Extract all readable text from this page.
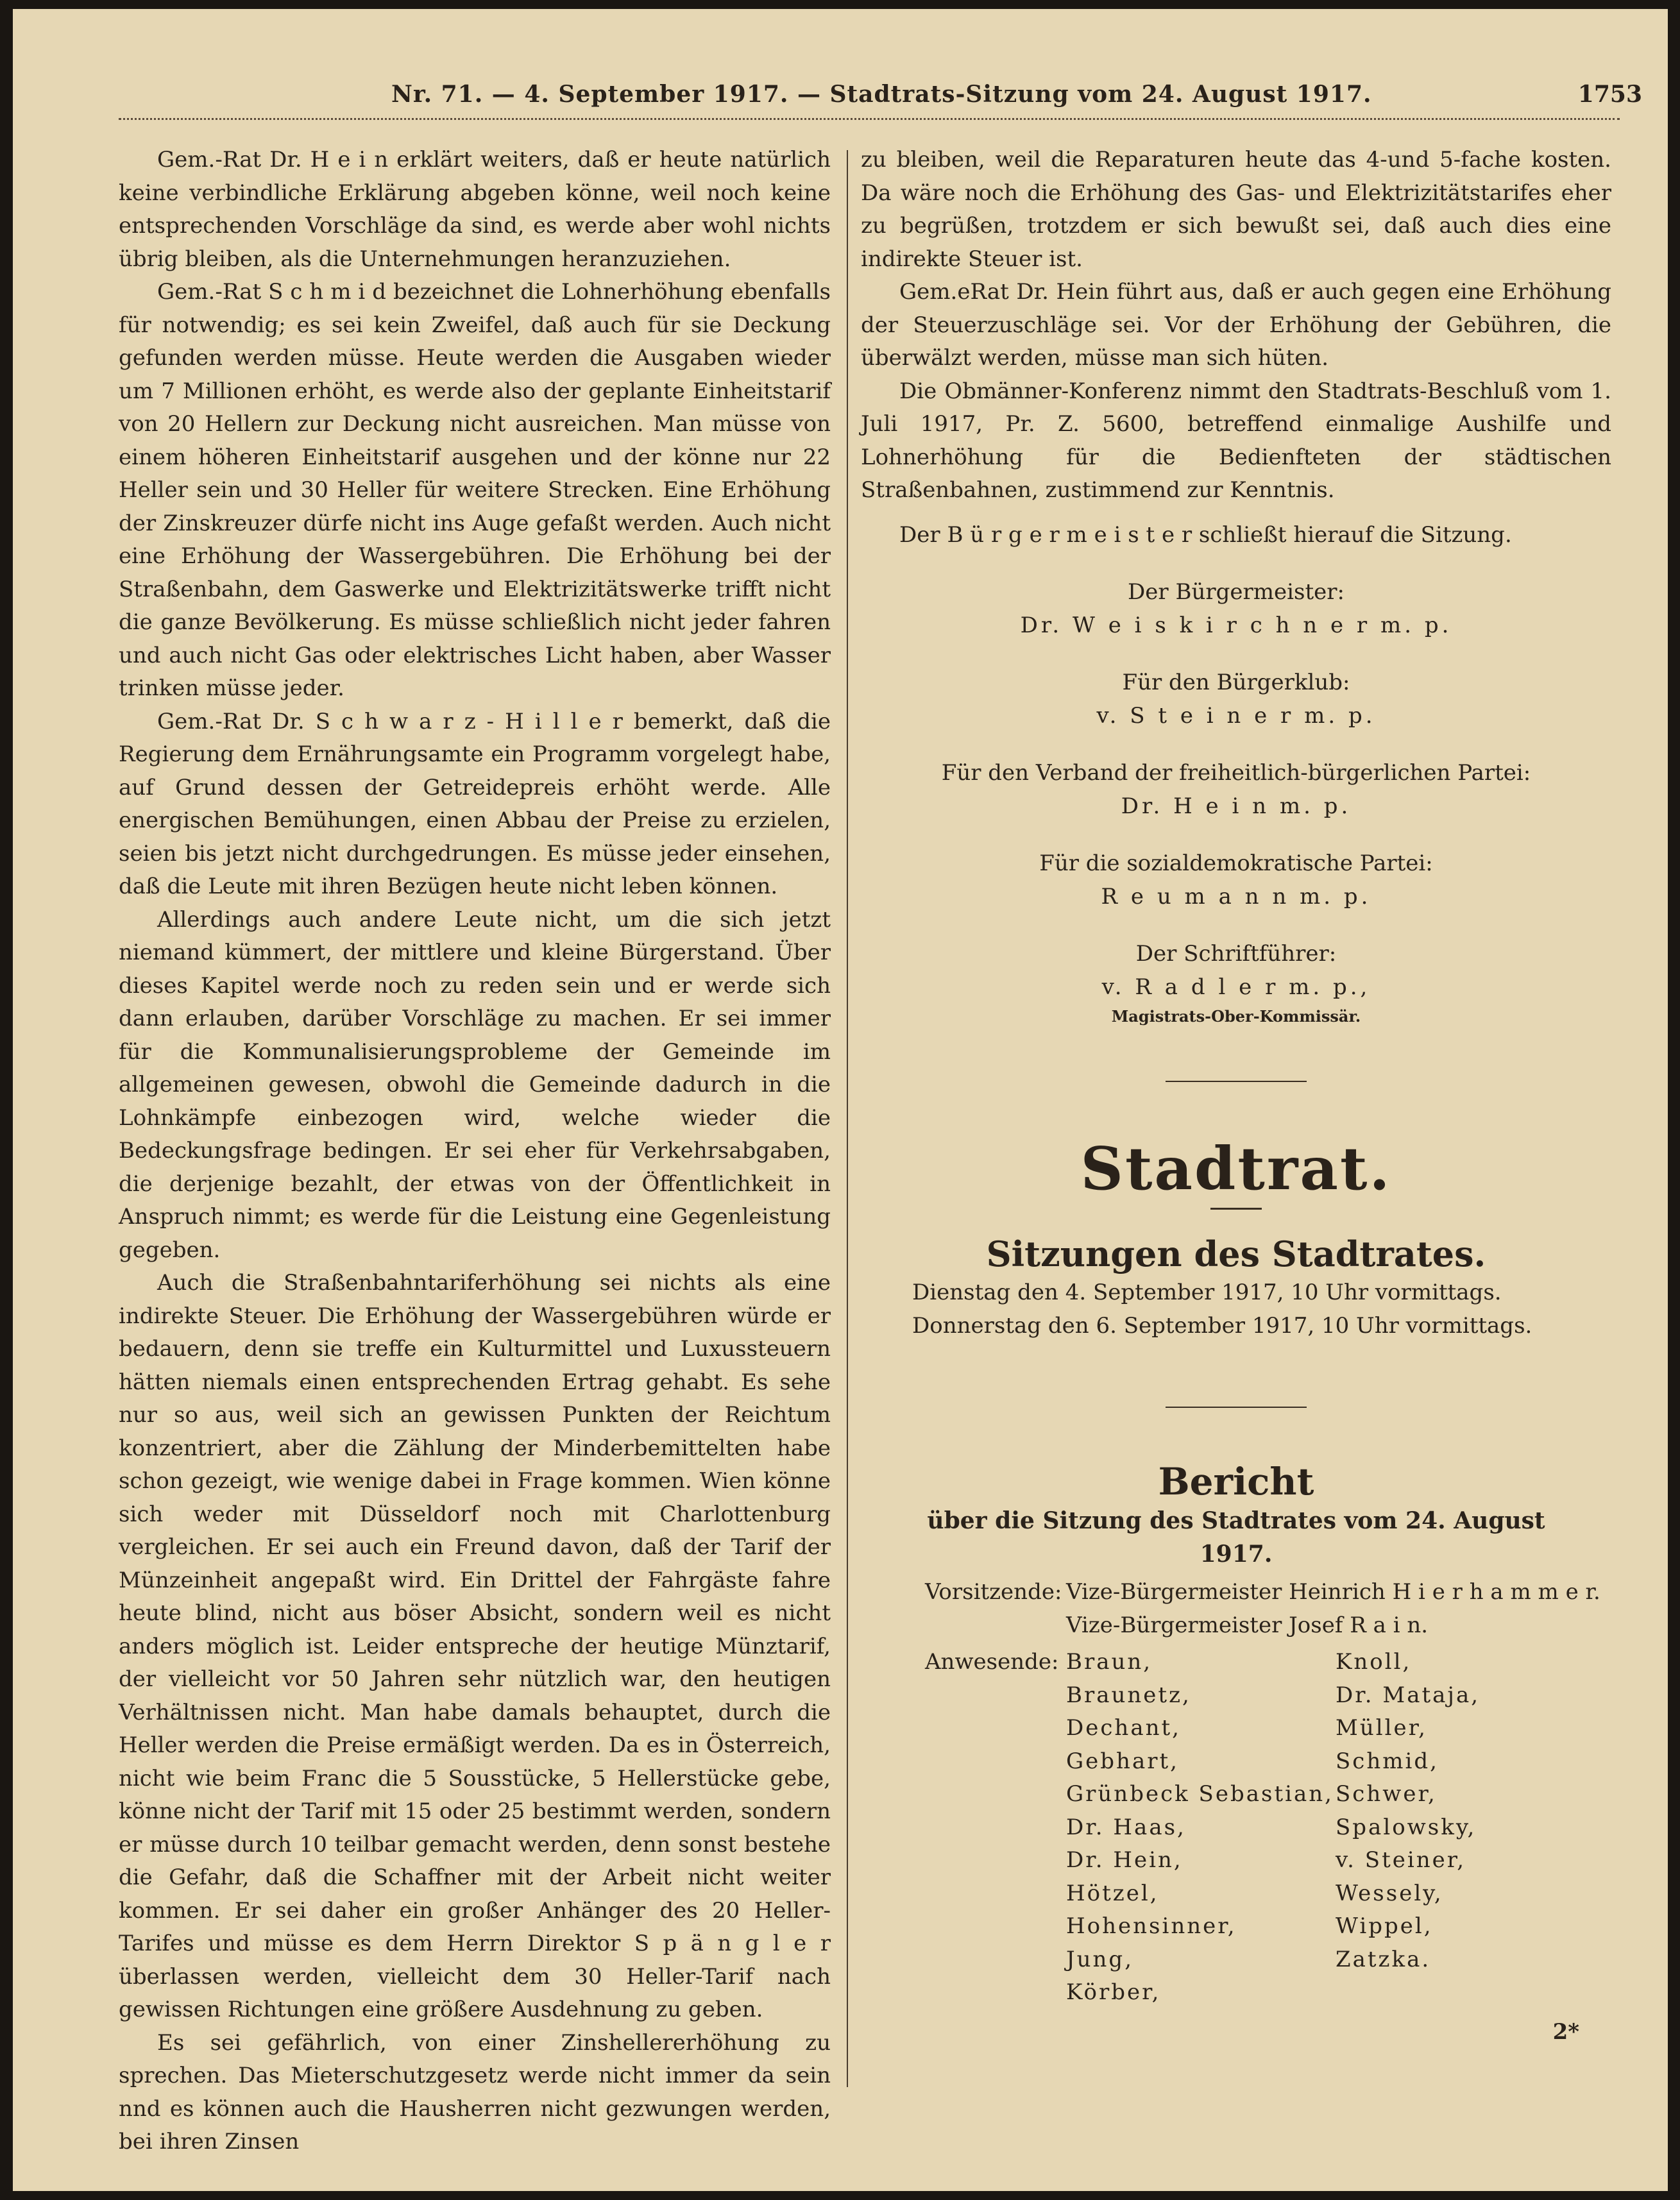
Nr. 71. — 4. September 1917. — Stadtrats-Sitzung vom 24. August 1917.	1753

Gem.-Rat Dr. H e i n erklärt weiters, daß er heute natürlich keine verbindliche Erklärung abgeben könne, weil noch keine entsprechenden Vorschläge da sind, es werde aber wohl nichts übrig bleiben, als die Unternehmungen heranzuziehen.

Gem.-Rat S c h m i d bezeichnet die Lohnerhöhung ebenfalls für notwendig; es sei kein Zweifel, daß auch für sie Deckung gefunden werden müsse. Heute werden die Ausgaben wieder um 7 Millionen erhöht, es werde also der geplante Einheitstarif von 20 Hellern zur Deckung nicht ausreichen. Man müsse von einem höheren Einheitstarif ausgehen und der könne nur 22 Heller sein und 30 Heller für weitere Strecken. Eine Erhöhung der Zinskreuzer dürfe nicht ins Auge gefaßt werden. Auch nicht eine Erhöhung der Wassergebühren. Die Erhöhung bei der Straßenbahn, dem Gaswerke und Elektrizitätswerke trifft nicht die ganze Bevölkerung. Es müsse schließlich nicht jeder fahren und auch nicht Gas oder elektrisches Licht haben, aber Wasser trinken müsse jeder.

Gem.-Rat Dr. S c h w a r z - H i l l e r bemerkt, daß die Regierung dem Ernährungsamte ein Programm vorgelegt habe, auf Grund dessen der Getreidepreis erhöht werde. Alle energischen Bemühungen, einen Abbau der Preise zu erzielen, seien bis jetzt nicht durchgedrungen. Es müsse jeder einsehen, daß die Leute mit ihren Bezügen heute nicht leben können.

Allerdings auch andere Leute nicht, um die sich jetzt niemand kümmert, der mittlere und kleine Bürgerstand. Über dieses Kapitel werde noch zu reden sein und er werde sich dann erlauben, darüber Vorschläge zu machen. Er sei immer für die Kommunalisierungsprobleme der Gemeinde im allgemeinen gewesen, obwohl die Gemeinde dadurch in die Lohnkämpfe einbezogen wird, welche wieder die Bedeckungsfrage bedingen. Er sei eher für Verkehrsabgaben, die derjenige bezahlt, der etwas von der Öffentlichkeit in Anspruch nimmt; es werde für die Leistung eine Gegenleistung gegeben.

Auch die Straßenbahntariferhöhung sei nichts als eine indirekte Steuer. Die Erhöhung der Wassergebühren würde er bedauern, denn sie treffe ein Kulturmittel und Luxussteuern hätten niemals einen entsprechenden Ertrag gehabt. Es sehe nur so aus, weil sich an gewissen Punkten der Reichtum konzentriert, aber die Zählung der Minderbemittelten habe schon gezeigt, wie wenige dabei in Frage kommen. Wien könne sich weder mit Düsseldorf noch mit Charlottenburg vergleichen. Er sei auch ein Freund davon, daß der Tarif der Münzeinheit angepaßt wird. Ein Drittel der Fahrgäste fahre heute blind, nicht aus böser Absicht, sondern weil es nicht anders möglich ist. Leider entspreche der heutige Münztarif, der vielleicht vor 50 Jahren sehr nützlich war, den heutigen Verhältnissen nicht. Man habe damals behauptet, durch die Heller werden die Preise ermäßigt werden. Da es in Österreich, nicht wie beim Franc die 5 Sousstücke, 5 Hellerstücke gebe, könne nicht der Tarif mit 15 oder 25 bestimmt werden, sondern er müsse durch 10 teilbar gemacht werden, denn sonst bestehe die Gefahr, daß die Schaffner mit der Arbeit nicht weiter kommen. Er sei daher ein großer Anhänger des 20 Heller-Tarifes und müsse es dem Herrn Direktor S p ä n g l e r überlassen werden, vielleicht dem 30 Heller-Tarif nach gewissen Richtungen eine größere Ausdehnung zu geben.

Es sei gefährlich, von einer Zinshellererhöhung zu sprechen. Das Mieterschutzgesetz werde nicht immer da sein nnd es können auch die Hausherren nicht gezwungen werden, bei ihren Zinsen

zu bleiben, weil die Reparaturen heute das 4-und 5-fache kosten. Da wäre noch die Erhöhung des Gas- und Elektrizitätstarifes eher zu begrüßen, trotzdem er sich bewußt sei, daß auch dies eine indirekte Steuer ist.

Gem.eRat Dr. Hein führt aus, daß er auch gegen eine Erhöhung der Steuerzuschläge sei. Vor der Erhöhung der Gebühren, die überwälzt werden, müsse man sich hüten.

Die Obmänner-Konferenz nimmt den Stadtrats-Beschluß vom 1. Juli 1917, Pr. Z. 5600, betreffend einmalige Aushilfe und Lohnerhöhung für die Bedienfteten der städtischen Straßenbahnen, zustimmend zur Kenntnis.

Der B ü r g e r m e i s t e r schließt hierauf die Sitzung.

Der Bürgermeister:
Dr. W e i s k i r c h n e r m. p.
Für den Bürgerklub:
v. S t e i n e r m. p.
Für den Verband der freiheitlich-bürgerlichen Partei:
Dr. H e i n m. p.
Für die sozialdemokratische Partei:
R e u m a n n m. p.
Der Schriftführer:
v. R a d l e r m. p.,
Magistrats-Ober-Kommissär.
Stadtrat.
Sitzungen des Stadtrates.
Dienstag den 4. September 1917, 10 Uhr vormittags.
Donnerstag den 6. September 1917, 10 Uhr vormittags.
Bericht
über die Sitzung des Stadtrates vom 24. August
1917.
Vorsitzende: Vize-Bürgermeister Heinrich H i e r h a m m e r.
Vize-Bürgermeister Josef R a i n.
Anwesende: Braun,	Knoll,
Braunetz,	Dr. Mataja,
Dechant,	Müller,
Gebhart,	Schmid,
Grünbeck Sebastian, Schwer,
Dr. Haas,	Spalowsky,
Dr. Hein,	v. Steiner,
Hötzel,	Wessely,
Hohensinner,	Wippel,
Jung,	Zatzka.
Körber,
2*
